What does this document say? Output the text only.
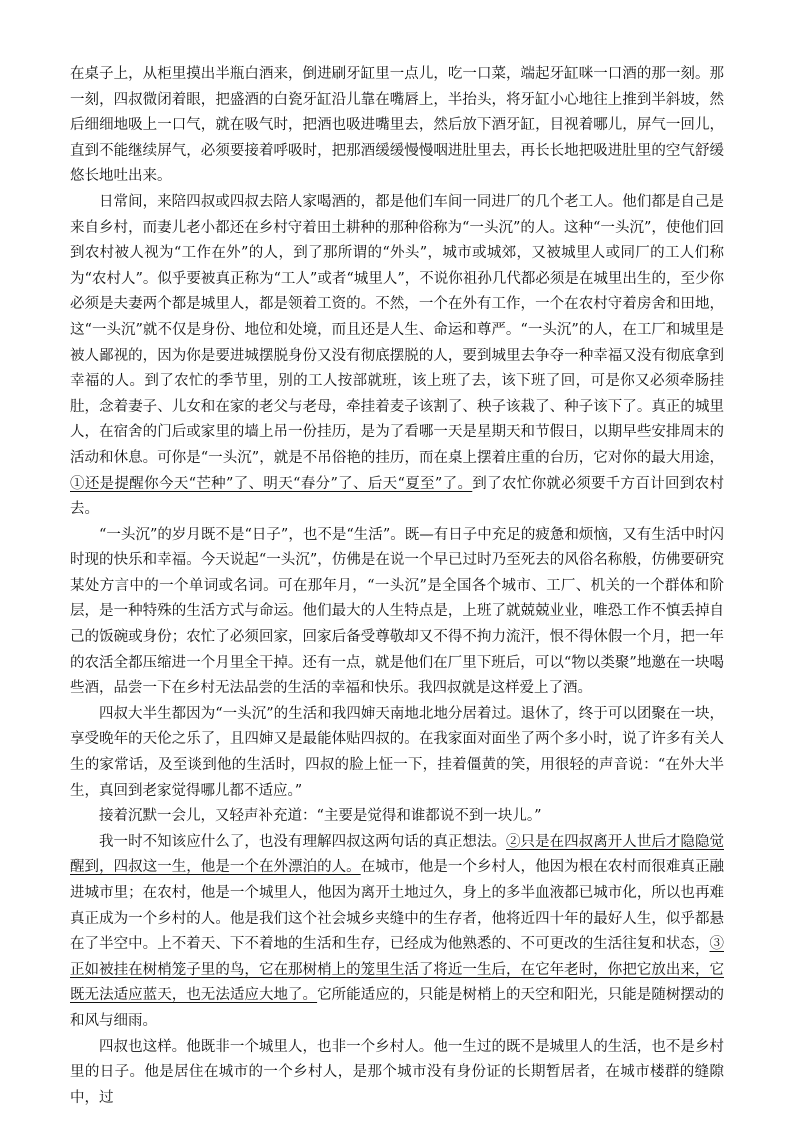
在桌子上，从柜里摸出半瓶白酒来，倒进刷牙缸里一点儿，吃一口菜，端起牙缸咪一口酒的那一刻。那一刻，四叔微闭着眼，把盛酒的白瓷牙缸沿儿靠在嘴唇上，半抬头，将牙缸小心地往上推到半斜坡，然后细细地吸上一口气，就在吸气时，把酒也吸进嘴里去，然后放下酒牙缸，目视着哪儿，屏气一回儿，直到不能继续屏气，必须要接着呼吸时，把那酒缓缓慢慢咽进肚里去，再长长地把吸进肚里的空气舒缓悠长地吐出来。

日常间，来陪四叔或四叔去陪人家喝酒的，都是他们车间一同进厂的几个老工人。他们都是自己是来自乡村，而妻儿老小都还在乡村守着田土耕种的那种俗称为“一头沉”的人。这种“一头沉”，使他们回到农村被人视为“工作在外”的人，到了那所谓的“外头”，城市或城郊，又被城里人或同厂的工人们称为“农村人”。似乎要被真正称为“工人”或者“城里人”，不说你祖孙几代都必须是在城里出生的，至少你必须是夫妻两个都是城里人，都是领着工资的。不然，一个在外有工作，一个在农村守着房舍和田地，这“一头沉”就不仅是身份、地位和处境，而且还是人生、命运和尊严。“一头沉”的人，在工厂和城里是被人鄙视的，因为你是要进城摆脱身份又没有彻底摆脱的人，要到城里去争夺一种幸福又没有彻底拿到幸福的人。到了农忙的季节里，别的工人按部就班，该上班了去，该下班了回，可是你又必须牵肠挂肚，念着妻子、儿女和在家的老父与老母，牵挂着麦子该割了、秧子该栽了、种子该下了。真正的城里人，在宿舍的门后或家里的墙上吊一份挂历，是为了看哪一天是星期天和节假日，以期早些安排周末的活动和休息。可你是“一头沉”，就是不吊俗艳的挂历，而在桌上摆着庄重的台历，它对你的最大用途，①还是提醒你今天“芒种”了、明天“春分”了、后天“夏至”了。到了农忙你就必须要千方百计回到农村去。

“一头沉”的岁月既不是“日子”，也不是“生活”。既—有日子中充足的疲惫和烦恼，又有生活中时闪时现的快乐和幸福。今天说起“一头沉”，仿佛是在说一个早已过时乃至死去的风俗名称般，仿佛要研究某处方言中的一个单词或名词。可在那年月，“一头沉”是全国各个城市、工厂、机关的一个群体和阶层，是一种特殊的生活方式与命运。他们最大的人生特点是，上班了就兢兢业业，唯恐工作不慎丢掉自己的饭碗或身份；农忙了必须回家，回家后备受尊敬却又不得不拘力流汗，恨不得休假一个月，把一年的农活全都压缩进一个月里全干掉。还有一点，就是他们在厂里下班后，可以“物以类聚”地邀在一块喝些酒，品尝一下在乡村无法品尝的生活的幸福和快乐。我四叔就是这样爱上了酒。

四叔大半生都因为“一头沉”的生活和我四婶天南地北地分居着过。退休了，终于可以团聚在一块，享受晚年的天伦之乐了，且四婶又是最能体贴四叔的。在我家面对面坐了两个多小时，说了许多有关人生的家常话，及至谈到他的生活时，四叔的脸上怔一下，挂着僵黄的笑，用很轻的声音说：“在外大半生，真回到老家觉得哪儿都不适应。”

接着沉默一会儿，又轻声补充道：“主要是觉得和谁都说不到一块儿。”

我一时不知该应什么了，也没有理解四叔这两句话的真正想法。②只是在四叔离开人世后才隐隐觉醒到，四叔这一生，他是一个在外漂泊的人。在城市，他是一个乡村人，他因为根在农村而很难真正融进城市里；在农村，他是一个城里人，他因为离开土地过久，身上的多半血液都已城市化，所以也再难真正成为一个乡村的人。他是我们这个社会城乡夹缝中的生存者，他将近四十年的最好人生，似乎都悬在了半空中。上不着天、下不着地的生活和生存，已经成为他熟悉的、不可更改的生活往复和状态，③正如被挂在树梢笼子里的鸟，它在那树梢上的笼里生活了将近一生后，在它年老时，你把它放出来，它既无法适应蓝天，也无法适应大地了。它所能适应的，只能是树梢上的天空和阳光，只能是随树摆动的和风与细雨。

四叔也这样。他既非一个城里人，也非一个乡村人。他一生过的既不是城里人的生活，也不是乡村里的日子。他是居住在城市的一个乡村人，是那个城市没有身份证的长期暂居者，在城市楼群的缝隙中，过
